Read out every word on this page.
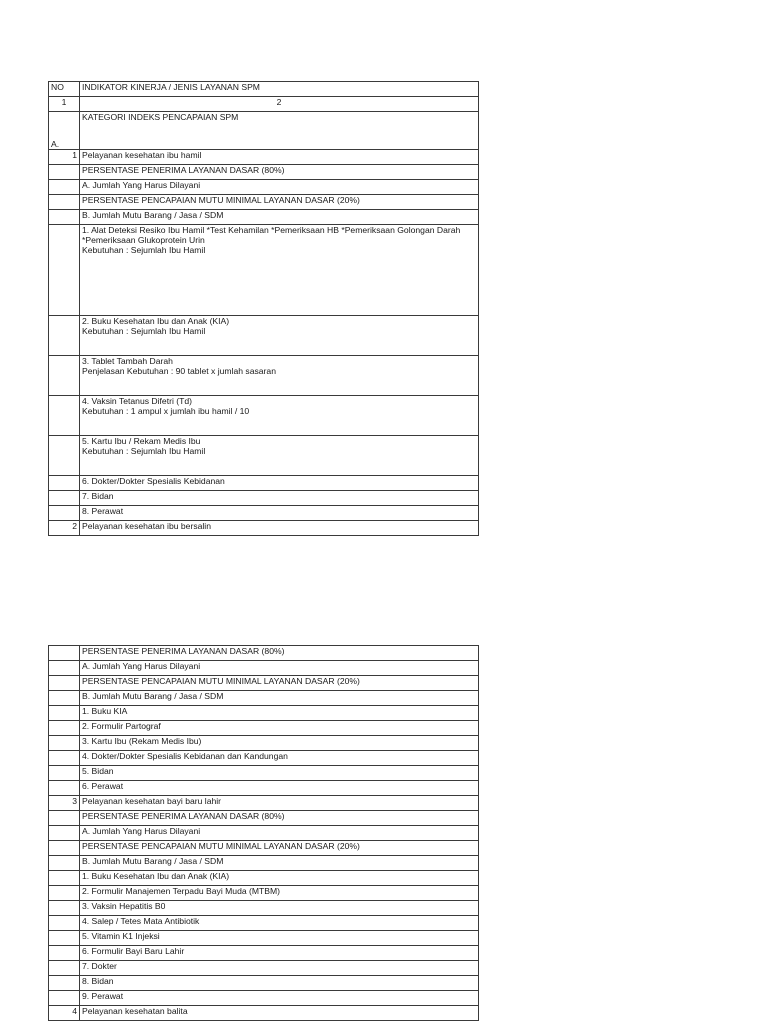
NO	INDIKATOR KINERJA / JENIS LAYANAN SPM
1	2
A.	KATEGORI INDEKS PENCAPAIAN SPM
1	Pelayanan kesehatan ibu hamil
	PERSENTASE PENERIMA LAYANAN DASAR (80%)
	A. Jumlah Yang Harus Dilayani
	PERSENTASE PENCAPAIAN MUTU MINIMAL LAYANAN DASAR (20%)
	B. Jumlah Mutu Barang / Jasa / SDM
	1. Alat Deteksi Resiko Ibu Hamil *Test Kehamilan *Pemeriksaan HB *Pemeriksaan Golongan Darah *Pemeriksaan Glukoprotein Urin
Kebutuhan : Sejumlah Ibu Hamil
	2. Buku Kesehatan Ibu dan Anak (KIA)
Kebutuhan : Sejumlah Ibu Hamil
	3. Tablet Tambah Darah
Penjelasan Kebutuhan : 90 tablet x jumlah sasaran
	4. Vaksin Tetanus Difetri (Td)
Kebutuhan : 1 ampul x jumlah ibu hamil / 10
	5. Kartu Ibu / Rekam Medis Ibu
Kebutuhan : Sejumlah Ibu Hamil
	6. Dokter/Dokter Spesialis Kebidanan
	7. Bidan
	8. Perawat
2	Pelayanan kesehatan ibu bersalin
	PERSENTASE PENERIMA LAYANAN DASAR (80%)
	A. Jumlah Yang Harus Dilayani
	PERSENTASE PENCAPAIAN MUTU MINIMAL LAYANAN DASAR (20%)
	B. Jumlah Mutu Barang / Jasa / SDM
	1. Buku KIA
	2. Formulir Partograf
	3. Kartu Ibu (Rekam Medis Ibu)
	4. Dokter/Dokter Spesialis Kebidanan dan Kandungan
	5. Bidan
	6. Perawat
3	Pelayanan kesehatan bayi baru lahir
	PERSENTASE PENERIMA LAYANAN DASAR (80%)
	A. Jumlah Yang Harus Dilayani
	PERSENTASE PENCAPAIAN MUTU MINIMAL LAYANAN DASAR (20%)
	B. Jumlah Mutu Barang / Jasa / SDM
	1. Buku Kesehatan Ibu dan Anak (KIA)
	2. Formulir Manajemen Terpadu Bayi Muda (MTBM)
	3. Vaksin Hepatitis B0
	4. Salep / Tetes Mata Antibiotik
	5. Vitamin K1 Injeksi
	6. Formulir Bayi Baru Lahir
	7. Dokter
	8. Bidan
	9. Perawat
4	Pelayanan kesehatan balita
